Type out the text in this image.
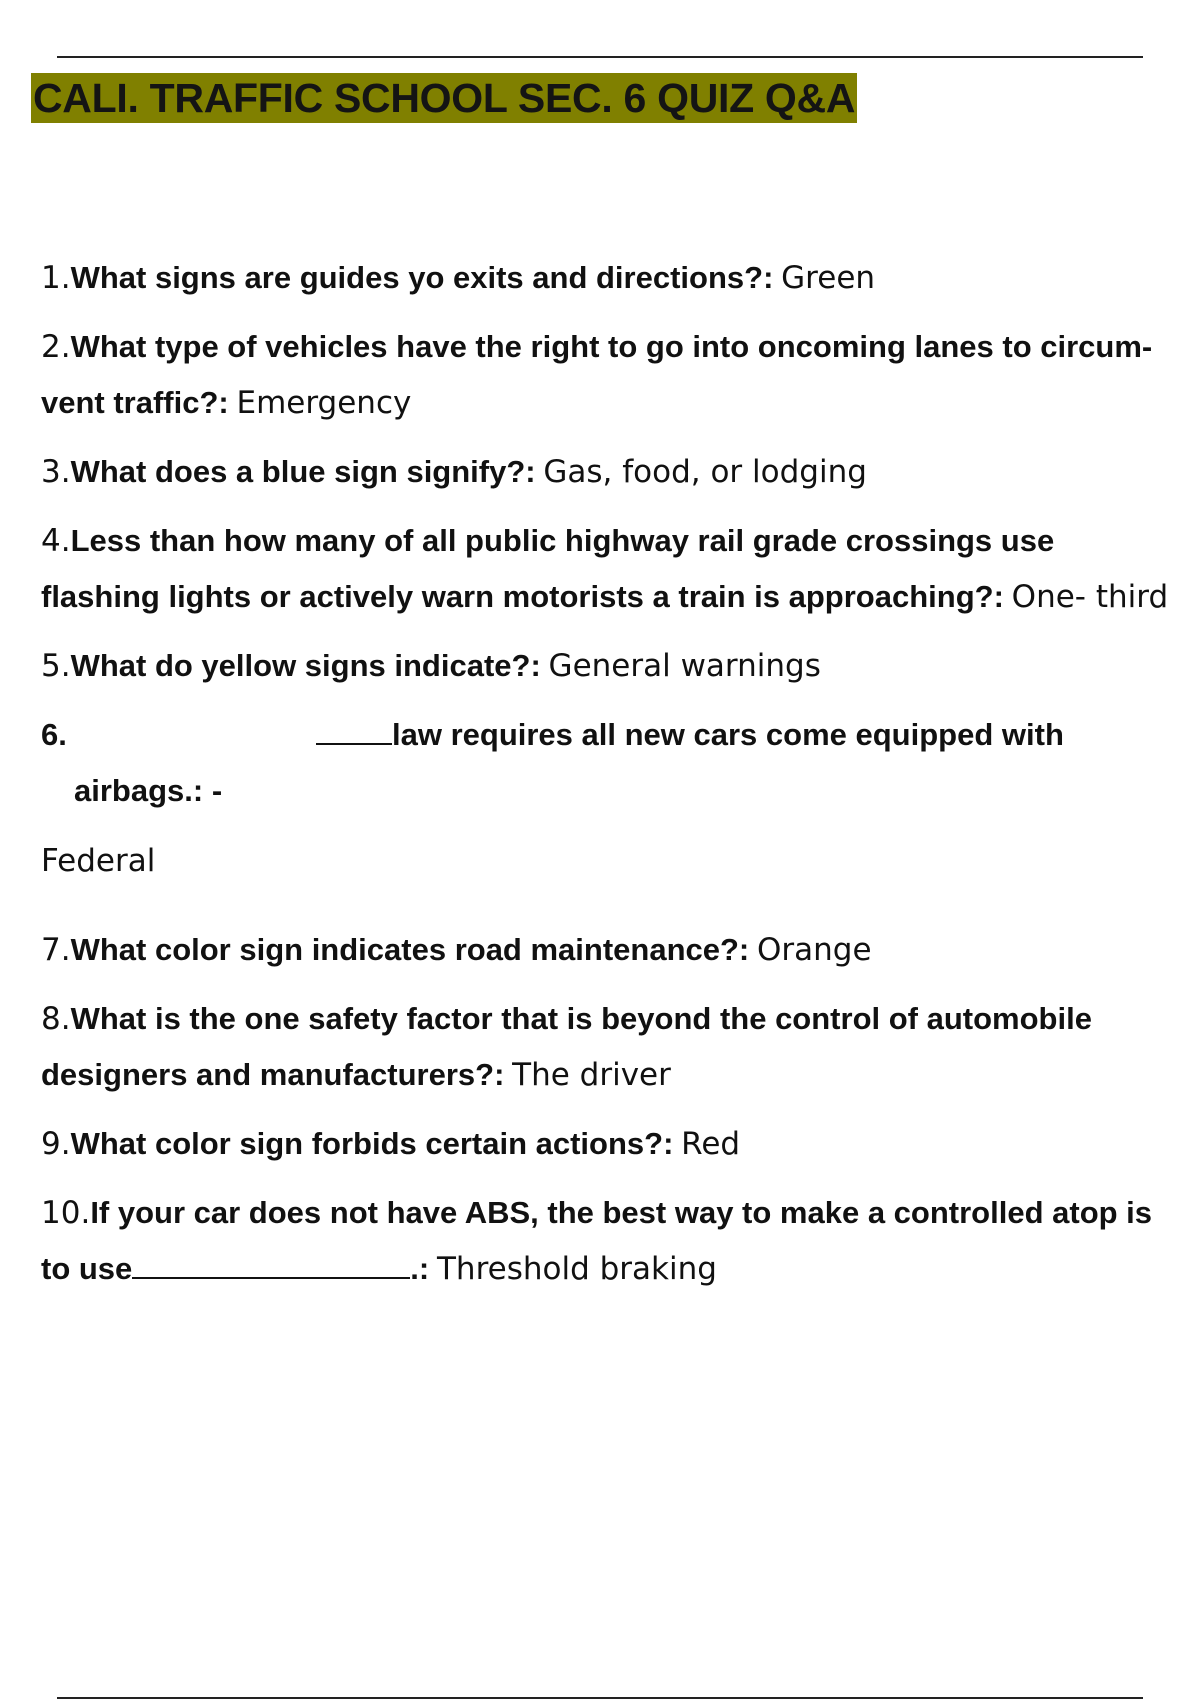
CALI. TRAFFIC SCHOOL SEC. 6 QUIZ Q&A
1.What signs are guides yo exits and directions?: Green
2.What type of vehicles have the right to go into oncoming lanes to circum- vent traffic?: Emergency
3.What does a blue sign signify?: Gas, food, or lodging
4.Less than how many of all public highway rail grade crossings use flashing lights or actively warn motorists a train is approaching?: One- third
5.What do yellow signs indicate?: General warnings
6.	law requires all new cars come equipped with
airbags.: -
Federal
7.What color sign indicates road maintenance?: Orange
8.What is the one safety factor that is beyond the control of automobile designers and manufacturers?: The driver
9.What color sign forbids certain actions?: Red
10.If your car does not have ABS, the best way to make a controlled atop is to use	.: Threshold braking
